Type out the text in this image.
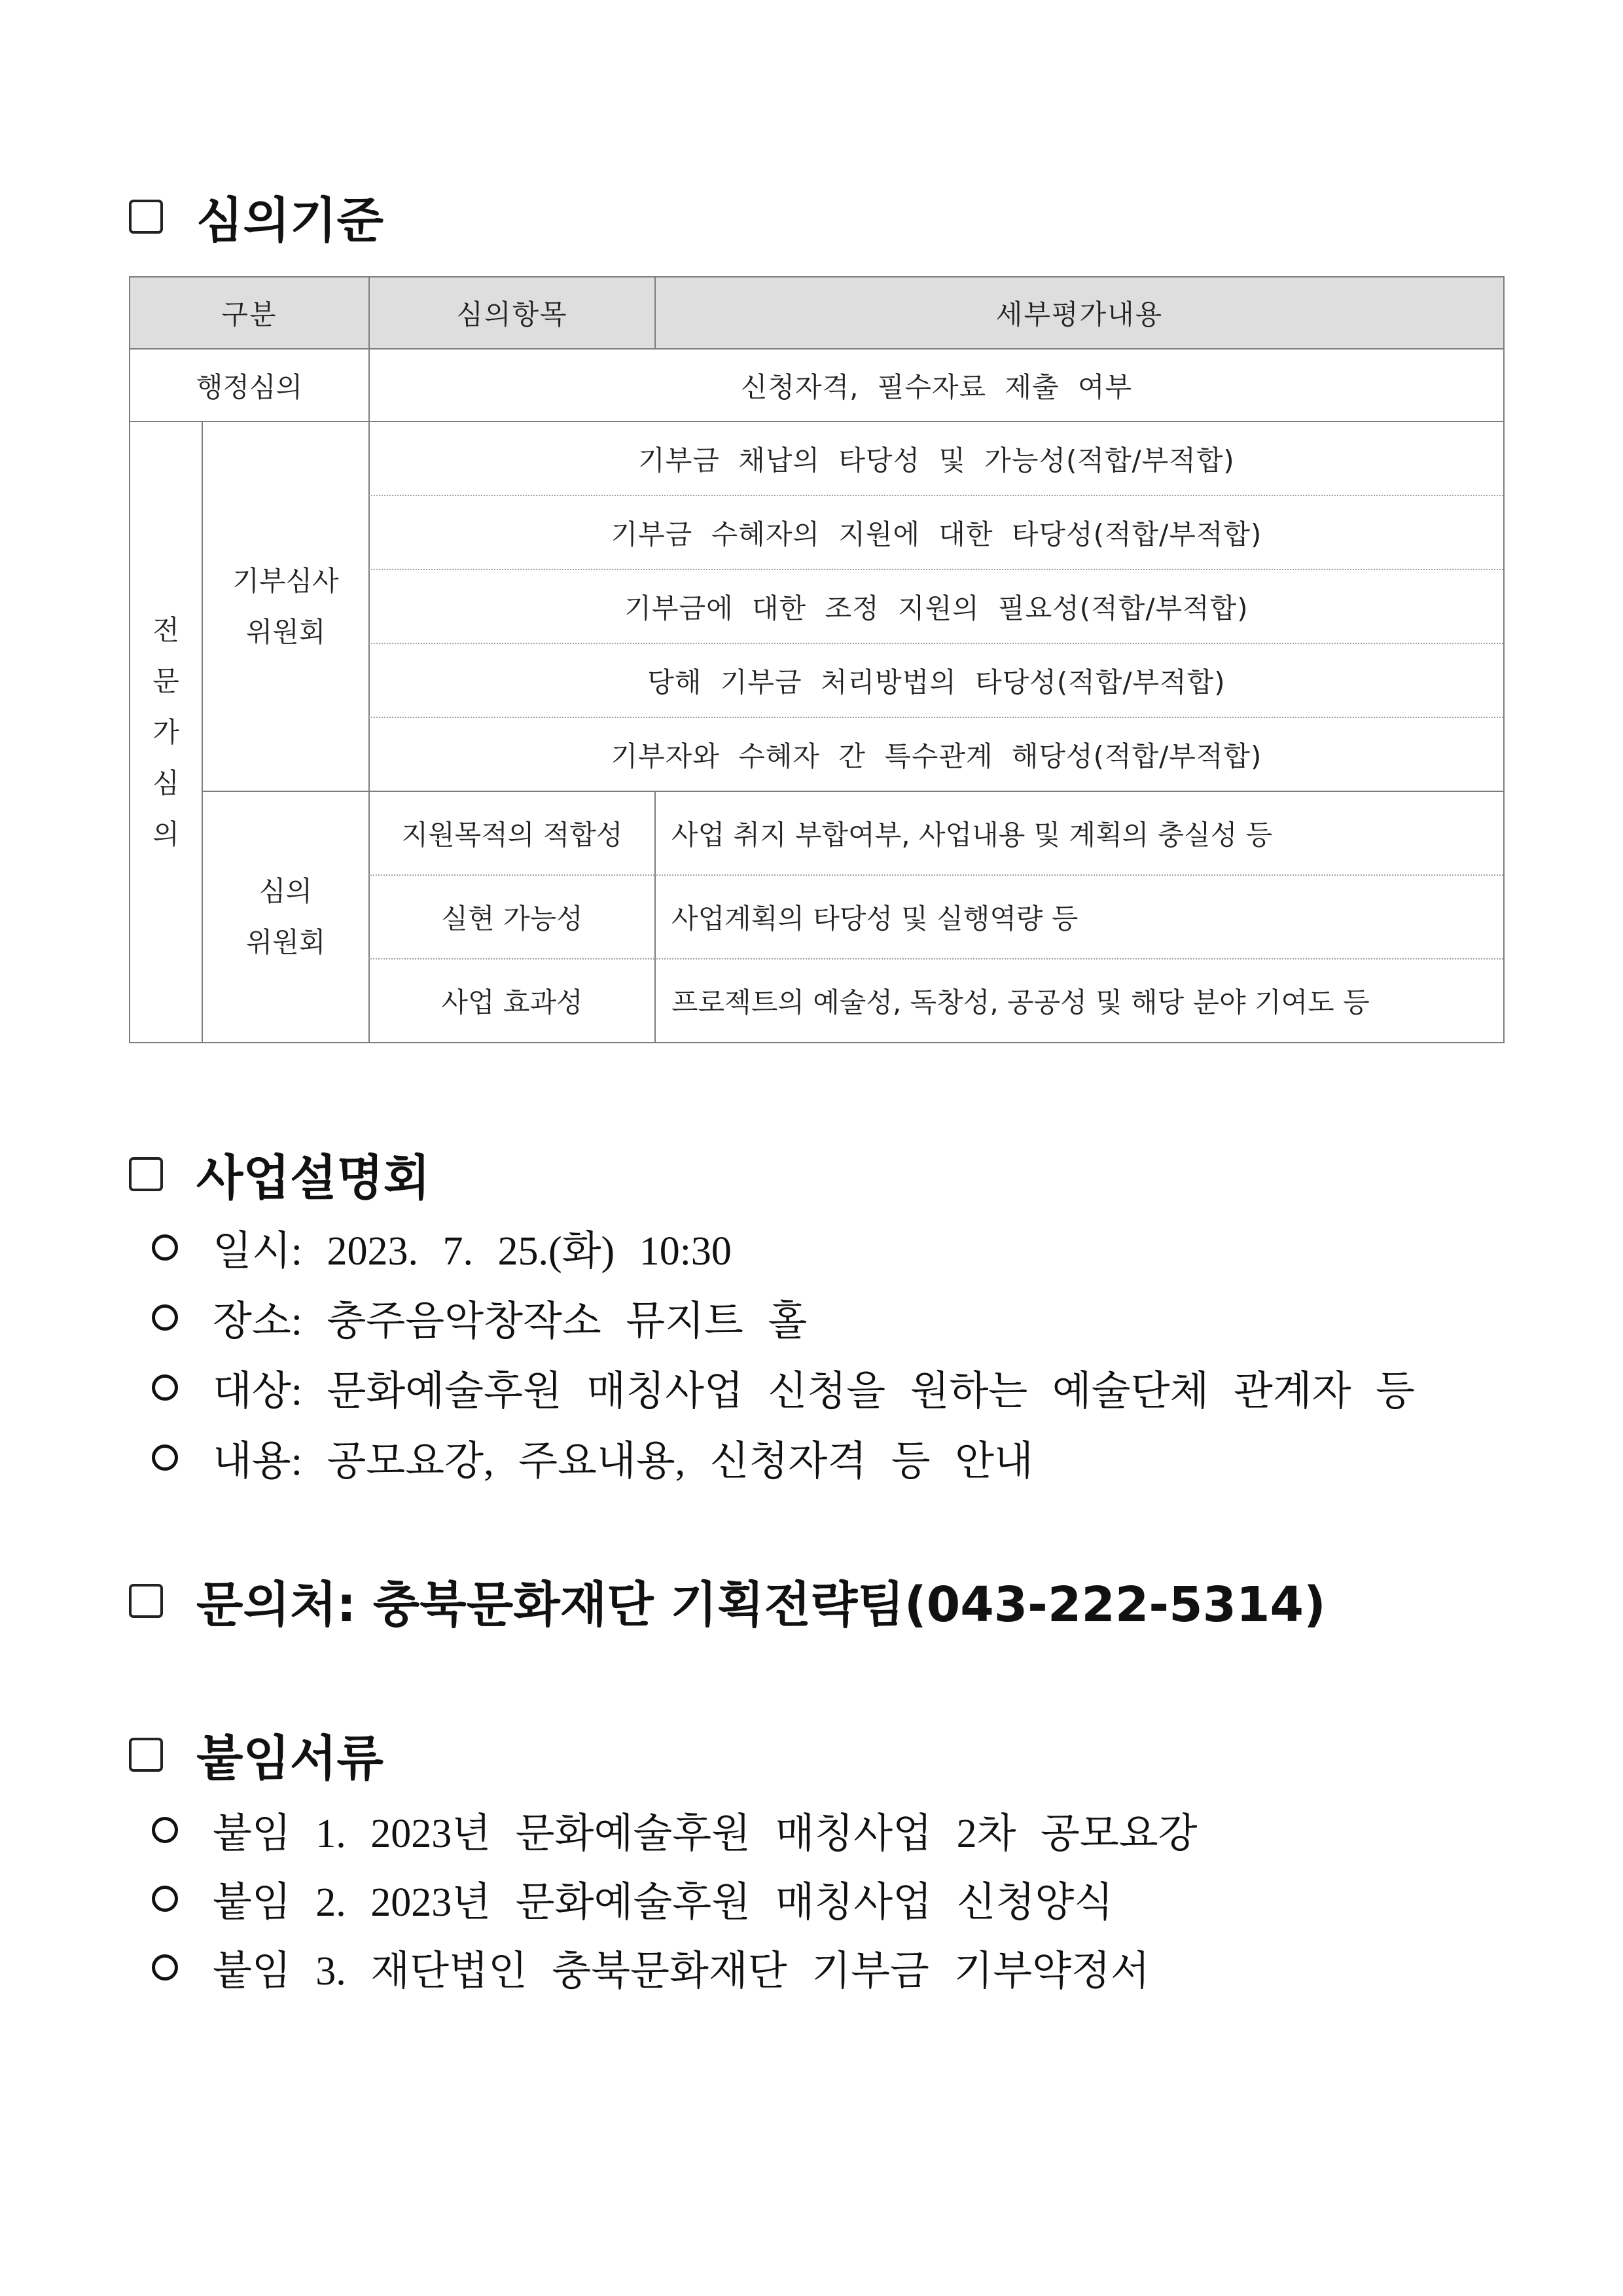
심의기준
구분		심의항목	세부평가내용
행정심의		신청자격, 필수자료 제출 여부	

전문가심의	기부심사
위원회	기부금 채납의 타당성 및 가능성(적합/부적합)	
		기부금 수혜자의 지원에 대한 타당성(적합/부적합)	
		기부금에 대한 조정 지원의 필요성(적합/부적합)	
		당해 기부금 처리방법의 타당성(적합/부적합)	
		기부자와 수혜자 간 특수관계 해당성(적합/부적합)	

	심의
위원회	지원목적의 적합성	사업 취지 부합여부, 사업내용 및 계획의 충실성 등
		실현 가능성	사업계획의 타당성 및 실행역량 등
		사업 효과성	프로젝트의 예술성, 독창성, 공공성 및 해당 분야 기여도 등
사업설명회
일시: 2023. 7. 25.(화) 10:30
장소: 충주음악창작소 뮤지트 홀
대상: 문화예술후원 매칭사업 신청을 원하는 예술단체 관계자 등
내용: 공모요강, 주요내용, 신청자격 등 안내
문의처: 충북문화재단 기획전략팀(043-222-5314)
붙임서류
붙임 1. 2023년 문화예술후원 매칭사업 2차 공모요강
붙임 2. 2023년 문화예술후원 매칭사업 신청양식
붙임 3. 재단법인 충북문화재단 기부금 기부약정서
